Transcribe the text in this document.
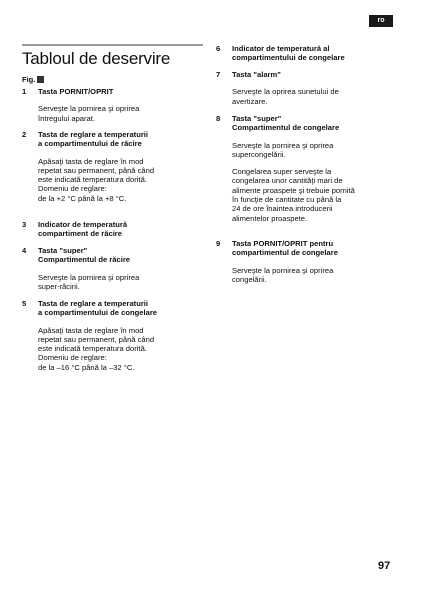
ro
Tabloul de deservire
Fig.
1 Tasta PORNIT/OPRIT

Serveşte la pornirea şi oprirea
întregului aparat.

2 Tasta de reglare a temperaturii
a compartimentului de răcire

Apăsaţi tasta de reglare în mod
repetat sau permanent, până când
este indicată temperatura dorită.
Domeniu de reglare:
de la +2 °C până la +8 °C.

3 Indicator de temperatură
compartiment de răcire
4 Tasta "super"
Compartimentul de răcire

Serveşte la pornirea şi oprirea
super-răcirii.

5 Tasta de reglare a temperaturii
a compartimentului de congelare

Apăsaţi tasta de reglare în mod
repetat sau permanent, până când
este indicată temperatura dorită.
Domeniu de reglare:
de la –16 °C până la –32 °C.

6 Indicator de temperatură al
compartimentului de congelare
7 Tasta "alarm"

Serveşte la oprirea sunetului de
avertizare.

8 Tasta "super"
Compartimentul de congelare

Serveşte la pornirea şi oprirea
supercongelării.

Congelarea super serveşte la
congelarea unor cantităţi mari de
alimente proaspete şi trebuie pornită
în funcţie de cantitate cu până la
24 de ore înaintea introducerii
alimentelor proaspete.

9 Tasta PORNIT/OPRIT pentru
compartimentul de congelare

Serveşte la pornirea şi oprirea
congelării.

97
